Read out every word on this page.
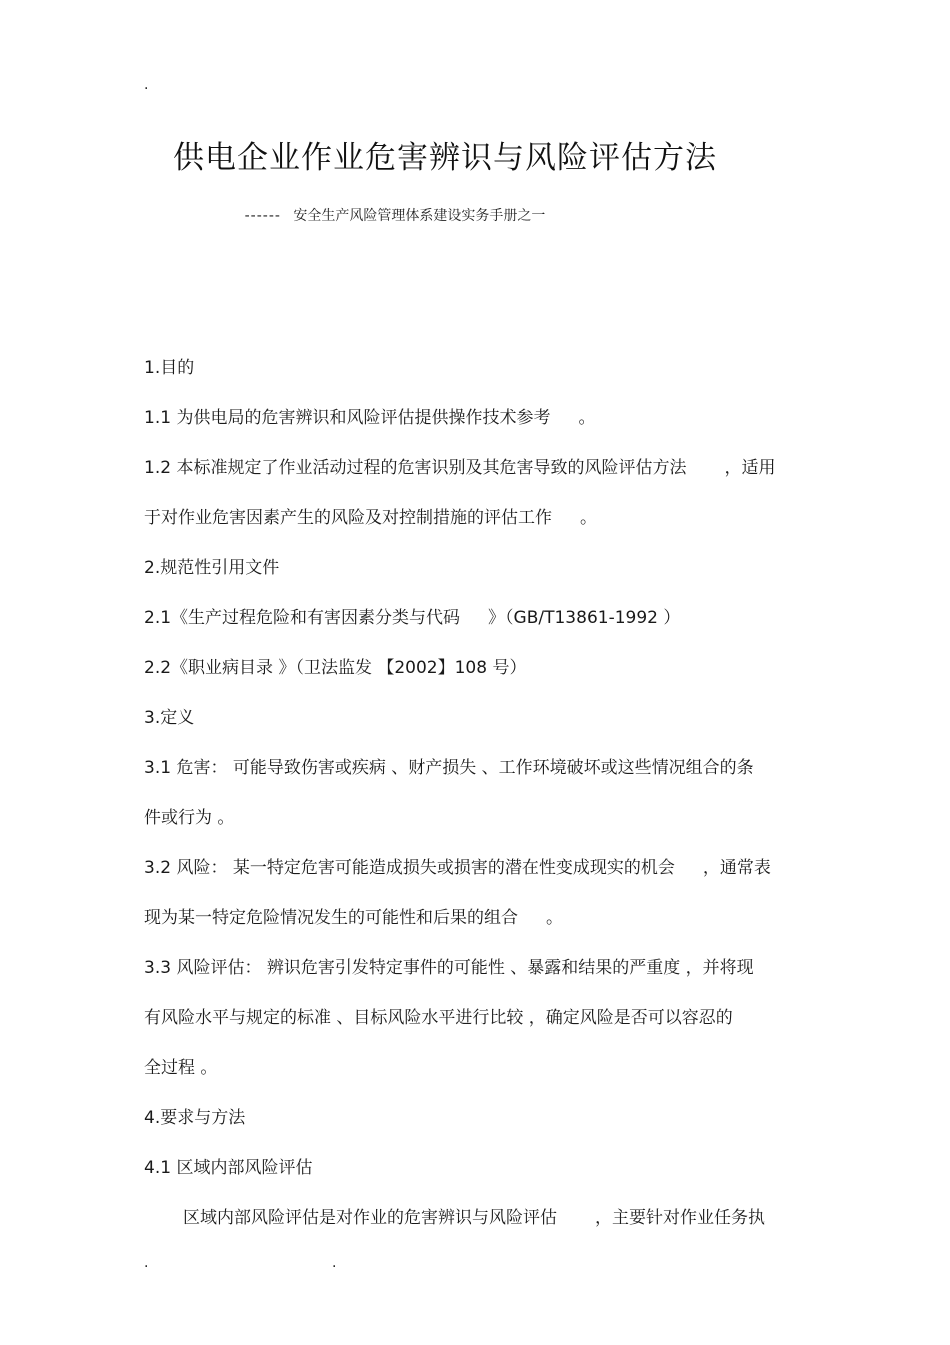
.
供电企业作业危害辨识与风险评估方法
------ 安全生产风险管理体系建设实务手册之一
1.目的
1.1 为供电局的危害辨识和风险评估提供操作技术参考 。
1.2 本标准规定了作业活动过程的危害识别及其危害导致的风险评估方法 ，适用
于对作业危害因素产生的风险及对控制措施的评估工作 。
2.规范性引用文件
2.1《生产过程危险和有害因素分类与代码 》（GB/T13861-1992 ）
2.2《职业病目录 》（卫法监发 【2002】108 号）
3.定义
3.1 危害： 可能导致伤害或疾病 、财产损失 、工作环境破坏或这些情况组合的条
件或行为 。
3.2 风险： 某一特定危害可能造成损失或损害的潜在性变成现实的机会 ，通常表
现为某一特定危险情况发生的可能性和后果的组合 。
3.3 风险评估： 辨识危害引发特定事件的可能性 、暴露和结果的严重度 ，并将现
有风险水平与规定的标准 、目标风险水平进行比较 ，确定风险是否可以容忍的
全过程 。
4.要求与方法
4.1 区域内部风险评估
区域内部风险评估是对作业的危害辨识与风险评估 ，主要针对作业任务执
.	.
